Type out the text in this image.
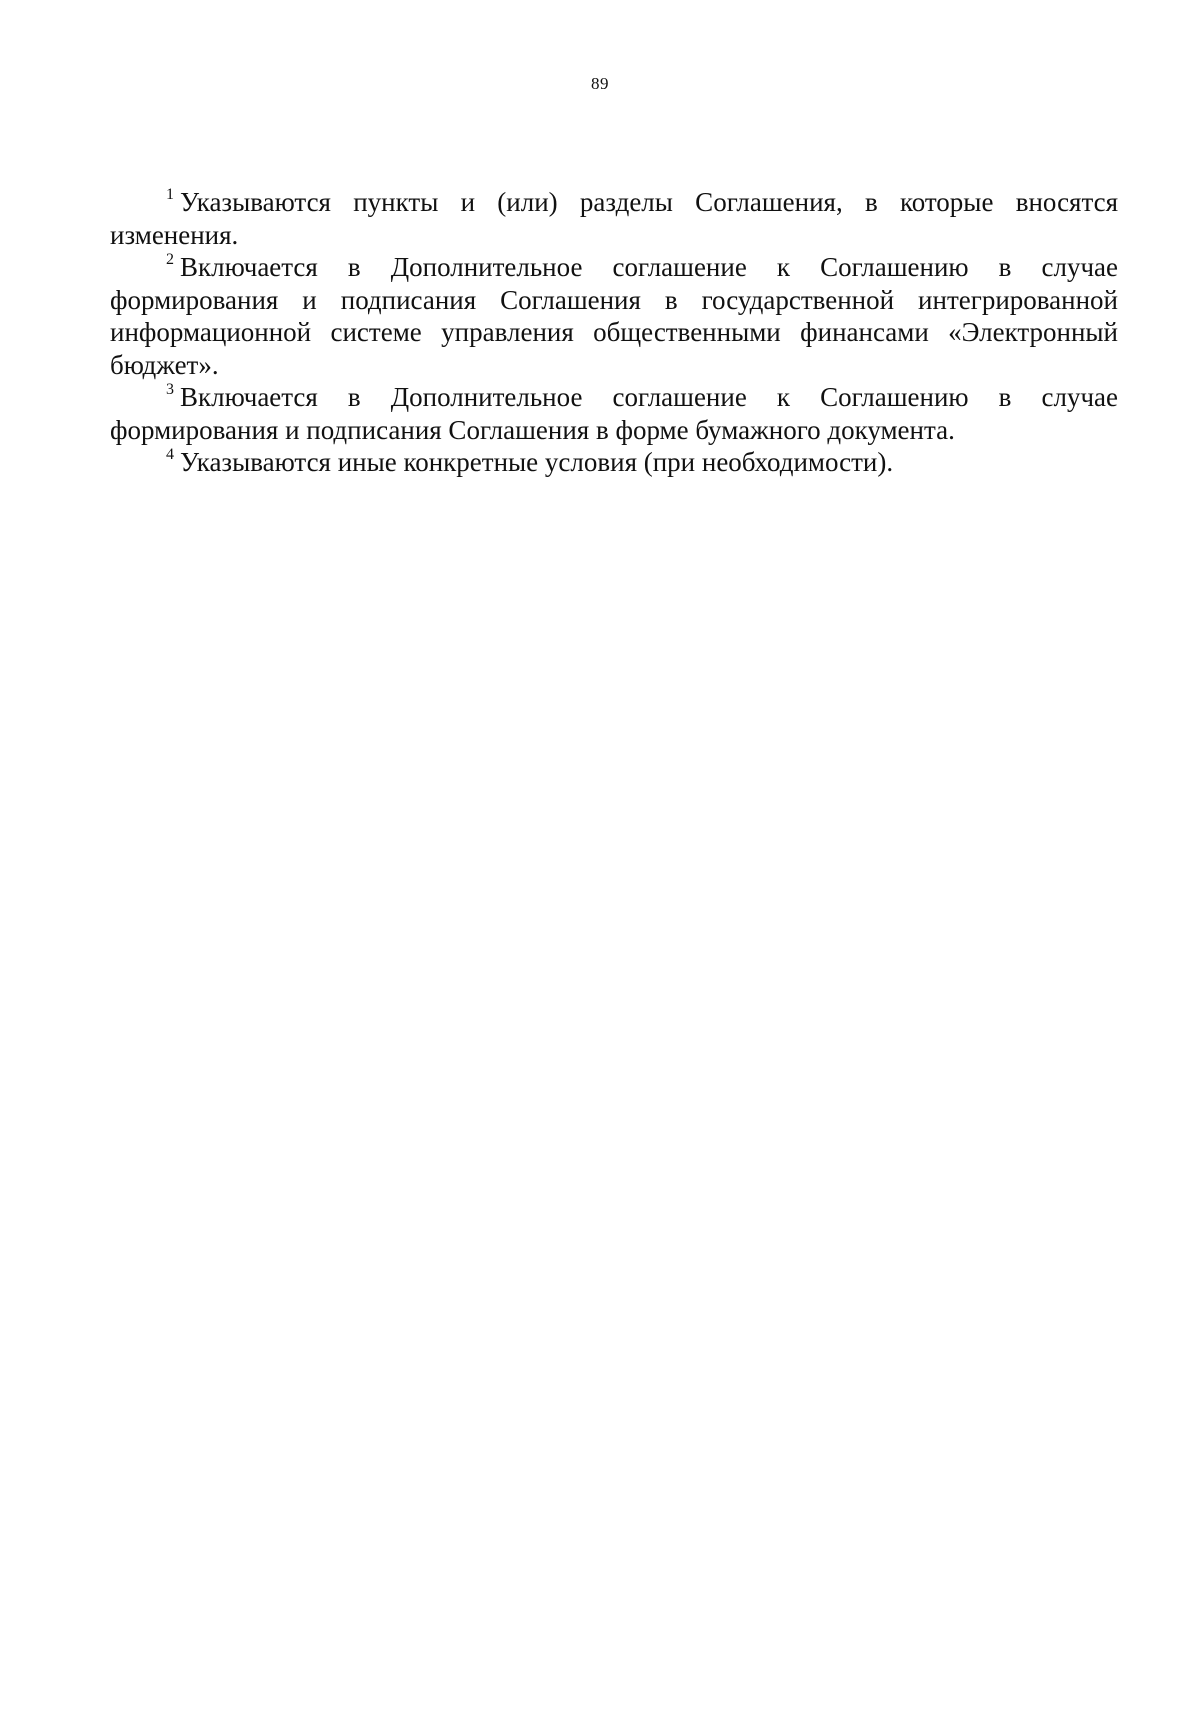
89

$^1$ Указываются пункты и (или) разделы Соглашения, в которые вносятся изменения.

$^2$ Включается в Дополнительное соглашение к Соглашению в случае формирования и подписания Соглашения в государственной интегрированной информационной системе управления общественными финансами «Электронный бюджет».

$^3$ Включается в Дополнительное соглашение к Соглашению в случае формирования и подписания Соглашения в форме бумажного документа.

$^4$ Указываются иные конкретные условия (при необходимости).
